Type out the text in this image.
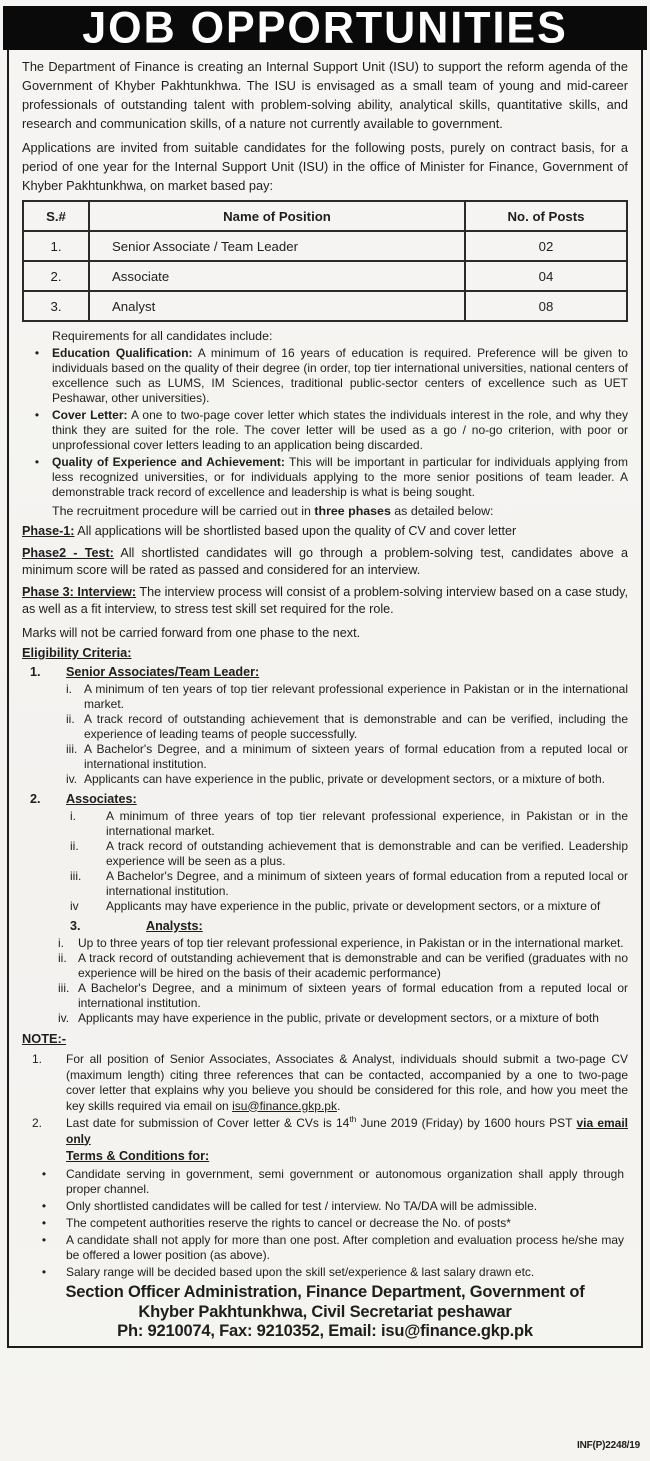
JOB OPPORTUNITIES

The Department of Finance is creating an Internal Support Unit (ISU) to support the reform agenda of the Government of Khyber Pakhtunkhwa. The ISU is envisaged as a small team of young and mid-career professionals of outstanding talent with problem-solving ability, analytical skills, quantitative skills, and research and communication skills, of a nature not currently available to government.

Applications are invited from suitable candidates for the following posts, purely on contract basis, for a period of one year for the Internal Support Unit (ISU) in the office of Minister for Finance, Government of Khyber Pakhtunkhwa, on market based pay:

S.#	Name of Position	No. of Posts
1.	Senior Associate / Team Leader	02
2.	Associate	04
3.	Analyst	08

Requirements for all candidates include:

•	Education Qualification: A minimum of 16 years of education is required. Preference will be given to individuals based on the quality of their degree (in order, top tier international universities, national centers of excellence such as LUMS, IM Sciences, traditional public-sector centers of excellence such as UET Peshawar, other universities).
•	Cover Letter: A one to two-page cover letter which states the individuals interest in the role, and why they think they are suited for the role. The cover letter will be used as a go / no-go criterion, with poor or unprofessional cover letters leading to an application being discarded.
•	Quality of Experience and Achievement: This will be important in particular for individuals applying from less recognized universities, or for individuals applying to the more senior positions of team leader. A demonstrable track record of excellence and leadership is what is being sought.

The recruitment procedure will be carried out in three phases as detailed below:

Phase-1: All applications will be shortlisted based upon the quality of CV and cover letter

Phase2 - Test: All shortlisted candidates will go through a problem-solving test, candidates above a minimum score will be rated as passed and considered for an interview.

Phase 3: Interview: The interview process will consist of a problem-solving interview based on a case study, as well as a fit interview, to stress test skill set required for the role.

Marks will not be carried forward from one phase to the next.

Eligibility Criteria:

1.	Senior Associates/Team Leader:
i.	A minimum of ten years of top tier relevant professional experience in Pakistan or in the international market.
ii. A track record of outstanding achievement that is demonstrable and can be verified, including the experience of leading teams of people successfully.
iii. A Bachelor's Degree, and a minimum of sixteen years of formal education from a reputed local or international institution.
iv. Applicants can have experience in the public, private or development sectors, or a mixture of both.
2.	Associates:
i.	A minimum of three years of top tier relevant professional experience, in Pakistan or in the international market.
ii.	A track record of outstanding achievement that is demonstrable and can be verified. Leadership experience will be seen as a plus.
iii.	A Bachelor's Degree, and a minimum of sixteen years of formal education from a reputed local or international institution.
iv	Applicants may have experience in the public, private or development sectors, or a mixture of
3.	Analysts:
i.	Up to three years of top tier relevant professional experience, in Pakistan or in the international market.
ii. A track record of outstanding achievement that is demonstrable and can be verified (graduates with no experience will be hired on the basis of their academic performance)
iii. A Bachelor's Degree, and a minimum of sixteen years of formal education from a reputed local or international institution.
iv. Applicants may have experience in the public, private or development sectors, or a mixture of both

NOTE:-

1.	For all position of Senior Associates, Associates & Analyst, individuals should submit a two-page CV (maximum length) citing three references that can be contacted, accompanied by a one to two-page cover letter that explains why you believe you should be considered for this role, and how you meet the key skills required via email on isu@finance.gkp.pk.
2.	Last date for submission of Cover letter & CVs is 14th June 2019 (Friday) by 1600 hours PST via email only

Terms & Conditions for:

•	Candidate serving in government, semi government or autonomous organization shall apply through proper channel.
•	Only shortlisted candidates will be called for test / interview. No TA/DA will be admissible.
•	The competent authorities reserve the rights to cancel or decrease the No. of posts*
•	A candidate shall not apply for more than one post. After completion and evaluation process he/she may be offered a lower position (as above).
•	Salary range will be decided based upon the skill set/experience & last salary drawn etc.
Section Officer Administration, Finance Department, Government of
Khyber Pakhtunkhwa, Civil Secretariat peshawar
Ph: 9210074, Fax: 9210352, Email: isu@finance.gkp.pk
INF(P)2248/19
